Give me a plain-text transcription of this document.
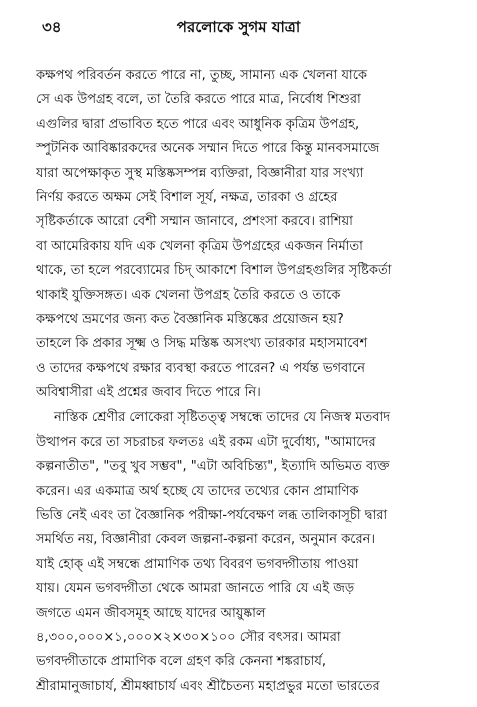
৩৪	পরলোকে সুগম যাত্রা
কক্ষপথ পরিবর্তন করতে পারে না, তুচ্ছ, সামান্য এক খেলনা যাকে
সে এক উপগ্রহ বলে, তা তৈরি করতে পারে মাত্র, নির্বোধ শিশুরা
এগুলির দ্বারা প্রভাবিত হতে পারে এবং আধুনিক কৃত্রিম উপগ্রহ,
স্পুটনিক আবিষ্কারকদের অনেক সম্মান দিতে পারে কিন্তু মানবসমাজে
যারা অপেক্ষাকৃত সুস্থ মস্তিষ্কসম্পন্ন ব্যক্তিরা, বিজ্ঞানীরা যার সংখ্যা
নির্ণয় করতে অক্ষম সেই বিশাল সূর্য, নক্ষত্র, তারকা ও গ্রহের
সৃষ্টিকর্তাকে আরো বেশী সম্মান জানাবে, প্রশংসা করবে। রাশিয়া
বা আমেরিকায় যদি এক খেলনা কৃত্রিম উপগ্রহের একজন নির্মাতা
থাকে, তা হলে পরব্যোমের চিদ্ আকাশে বিশাল উপগ্রহগুলির সৃষ্টিকর্তা
থাকাই যুক্তিসঙ্গত। এক খেলনা উপগ্রহ তৈরি করতে ও তাকে
কক্ষপথে ভ্রমণের জন্য কত বৈজ্ঞানিক মস্তিষ্কের প্রয়োজন হয়?
তাহলে কি প্রকার সূক্ষ্ম ও সিদ্ধ মস্তিষ্ক অসংখ্য তারকার মহাসমাবেশ
ও তাদের কক্ষপথে রক্ষার ব্যবস্থা করতে পারেন? এ পর্যন্ত ভগবানে
অবিশ্বাসীরা এই প্রশ্নের জবাব দিতে পারে নি।
নাস্তিক শ্রেণীর লোকেরা সৃষ্টিতত্ত্ব সম্বন্ধে তাদের যে নিজস্ব মতবাদ
উত্থাপন করে তা সচরাচর ফলতঃ এই রকম এটা দুর্বোধ্য, "আমাদের
কল্পনাতীত", "তবু খুব সম্ভব", "এটা অবিচিন্ত্য", ইত্যাদি অভিমত ব্যক্ত
করেন। এর একমাত্র অর্থ হচ্ছে যে তাদের তথ্যের কোন প্রামাণিক
ভিত্তি নেই এবং তা বৈজ্ঞানিক পরীক্ষা-পর্যবেক্ষণ লব্ধ তালিকাসূচী দ্বারা
সমর্থিত নয়, বিজ্ঞানীরা কেবল জল্পনা-কল্পনা করেন, অনুমান করেন।
যাই হোক্ এই সম্বন্ধে প্রামাণিক তথ্য বিবরণ ভগবদ্গীতায় পাওয়া
যায়। যেমন ভগবদ্গীতা থেকে আমরা জানতে পারি যে এই জড়
জগতে এমন জীবসমূহ আছে যাদের আয়ুষ্কাল
৪,৩০০,০০০×১,০০০×২×৩০×১০০ সৌর বৎসর। আমরা
ভগবদ্গীতাকে প্রামাণিক বলে গ্রহণ করি কেননা শঙ্করাচার্য,
শ্রীরামানুজাচার্য, শ্রীমধ্বাচার্য এবং শ্রীচৈতন্য মহাপ্রভুর মতো ভারতের
